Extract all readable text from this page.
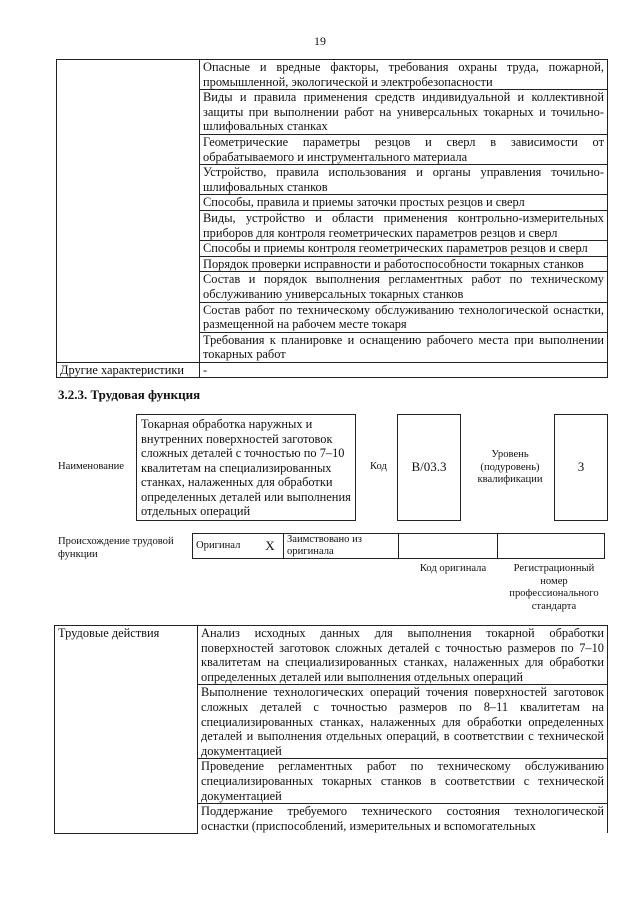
19
	Опасные и вредные факторы, требования охраны труда, пожарной, промышленной, экологической и электробезопасности
	Виды и правила применения средств индивидуальной и коллективной защиты при выполнении работ на универсальных токарных и точильно-шлифовальных станках
	Геометрические параметры резцов и сверл в зависимости от обрабатываемого и инструментального материала
	Устройство, правила использования и органы управления точильно-шлифовальных станков
	Способы, правила и приемы заточки простых резцов и сверл
	Виды, устройство и области применения контрольно-измерительных приборов для контроля геометрических параметров резцов и сверл
	Способы и приемы контроля геометрических параметров резцов и сверл
	Порядок проверки исправности и работоспособности токарных станков
	Состав и порядок выполнения регламентных работ по техническому обслуживанию универсальных токарных станков
	Состав работ по техническому обслуживанию технологической оснастки, размещенной на рабочем месте токаря
	Требования к планировке и оснащению рабочего места при выполнении токарных работ
Другие характеристики	-
3.2.3. Трудовая функция
Наименование
Токарная обработка наружных и внутренних поверхностей заготовок сложных деталей с точностью по 7–10 квалитетам на специализированных станках, налаженных для обработки определенных деталей или выполнения отдельных операций
Код	В/03.3
Уровень (подуровень) квалификации
3
Происхождение трудовой функции
Оригинал	X	Заимствовано из оригинала		
Код оригинала	Регистрационный номер профессионального стандарта
Трудовые действия	Анализ исходных данных для выполнения токарной обработки поверхностей заготовок сложных деталей с точностью размеров по 7–10 квалитетам на специализированных станках, налаженных для обработки определенных деталей или выполнения отдельных операций
Выполнение технологических операций точения поверхностей заготовок сложных деталей с точностью размеров по 8–11 квалитетам на специализированных станках, налаженных для обработки определенных деталей и выполнения отдельных операций, в соответствии с технической документацией
Проведение регламентных работ по техническому обслуживанию специализированных токарных станков в соответствии с технической документацией
Поддержание требуемого технического состояния технологической оснастки (приспособлений, измерительных и вспомогательных
